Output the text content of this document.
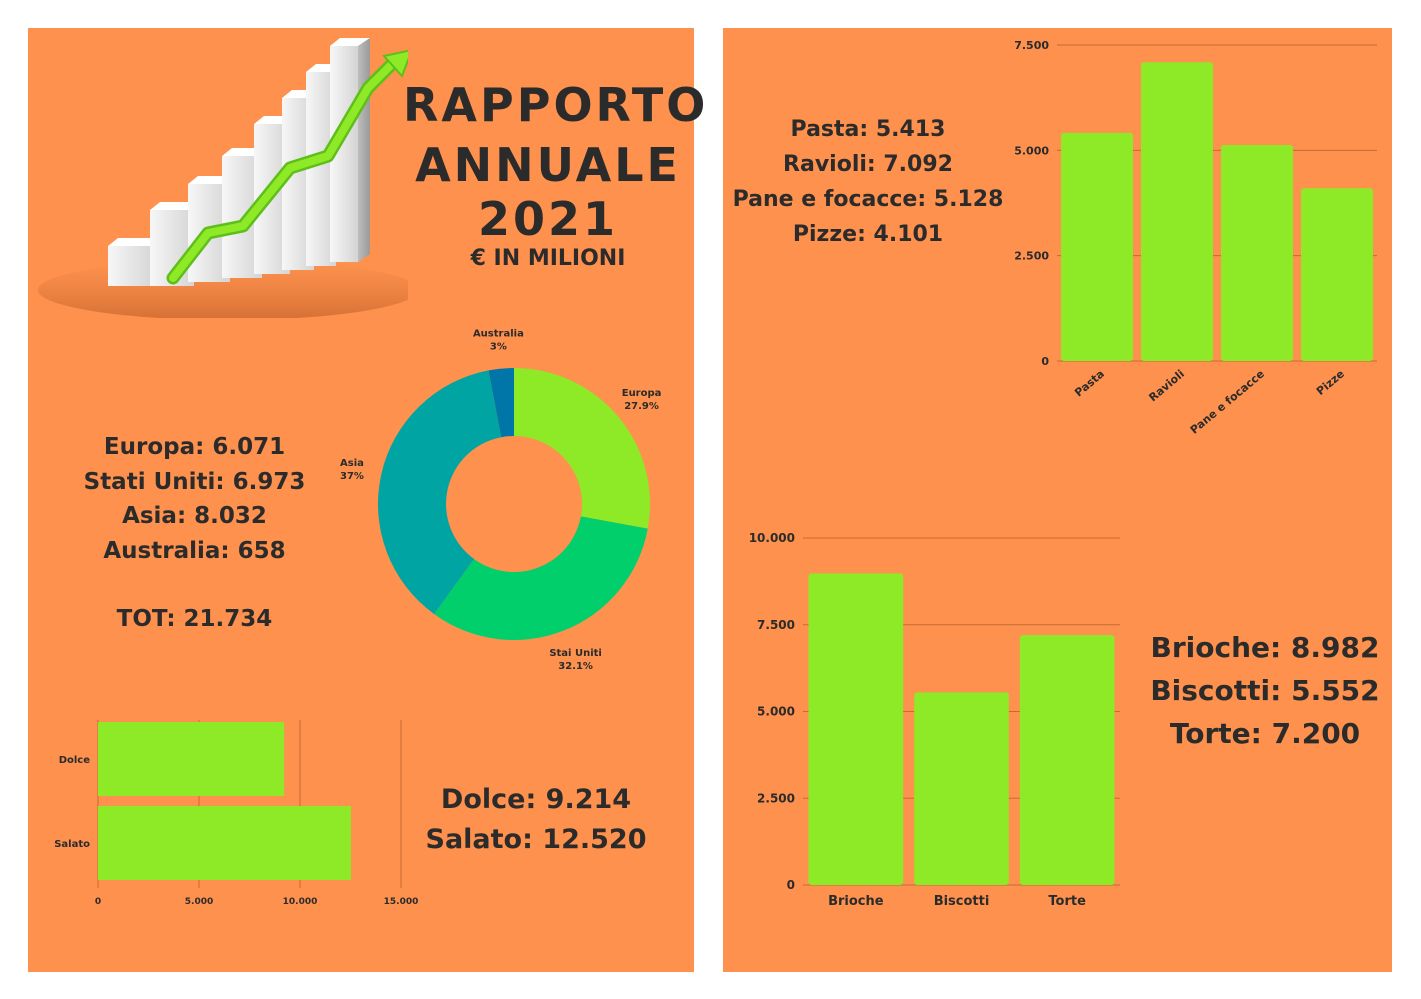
RAPPORTO
ANNUALE
2021
€ IN MILIONI
Europa: 6.071
Stati Uniti: 6.973
Asia: 8.032
Australia: 658
TOT: 21.734
Europa
27.9%
Stai Uniti
32.1%
Asia
37%
Australia
3%
0	5.000	10.000	15.000
Dolce
Salato
Dolce: 9.214
Salato: 12.520
Pasta: 5.413
Ravioli: 7.092
Pane e focacce: 5.128
Pizze: 4.101
0
2.500
5.000
7.500
Pasta	Ravioli Pane e focacce	Pizze
0
2.500
5.000
7.500
10.000
Brioche	Biscotti	Torte
Brioche: 8.982
Biscotti: 5.552
Torte: 7.200
